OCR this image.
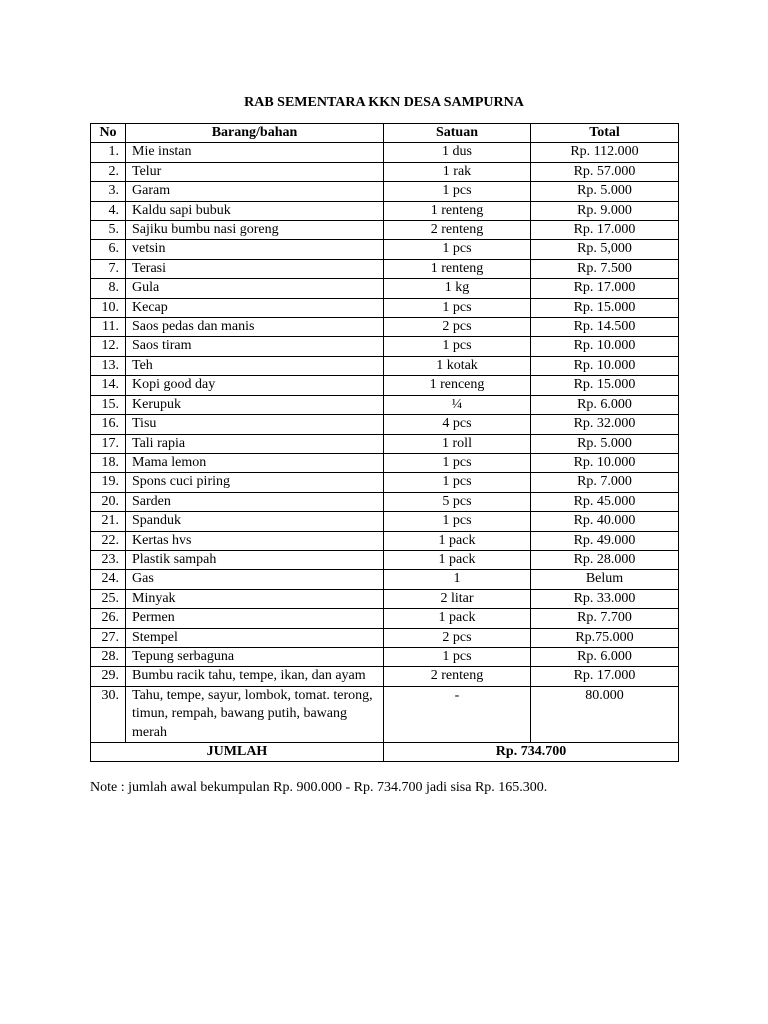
RAB SEMENTARA KKN DESA SAMPURNA
No	Barang/bahan	Satuan	Total
1.	Mie instan	1 dus	Rp. 112.000
2.	Telur	1 rak	Rp. 57.000
3.	Garam	1 pcs	Rp. 5.000
4.	Kaldu sapi bubuk	1 renteng	Rp. 9.000
5.	Sajiku bumbu nasi goreng	2 renteng	Rp. 17.000
6.	vetsin	1 pcs	Rp. 5,000
7.	Terasi	1 renteng	Rp. 7.500
8.	Gula	1 kg	Rp. 17.000
10.	Kecap	1 pcs	Rp. 15.000
11.	Saos pedas dan manis	2 pcs	Rp. 14.500
12.	Saos tiram	1 pcs	Rp. 10.000
13.	Teh	1 kotak	Rp. 10.000
14.	Kopi good day	1 renceng	Rp. 15.000
15.	Kerupuk	¼	Rp. 6.000
16.	Tisu	4 pcs	Rp. 32.000
17.	Tali rapia	1 roll	Rp. 5.000
18.	Mama lemon	1 pcs	Rp. 10.000
19.	Spons cuci piring	1 pcs	Rp. 7.000
20.	Sarden	5 pcs	Rp. 45.000
21.	Spanduk	1 pcs	Rp. 40.000
22.	Kertas hvs	1 pack	Rp. 49.000
23.	Plastik sampah	1 pack	Rp. 28.000
24.	Gas	1	Belum
25.	Minyak	2 litar	Rp. 33.000
26.	Permen	1 pack	Rp. 7.700
27.	Stempel	2 pcs	Rp.75.000
28.	Tepung serbaguna	1 pcs	Rp. 6.000
29.	Bumbu racik tahu, tempe, ikan, dan ayam	2 renteng	Rp. 17.000
30.	Tahu, tempe, sayur, lombok, tomat. terong, timun, rempah, bawang putih, bawang merah	-	80.000
JUMLAH		Rp. 734.700	
Note : jumlah awal bekumpulan Rp. 900.000 - Rp. 734.700 jadi sisa Rp. 165.300.
